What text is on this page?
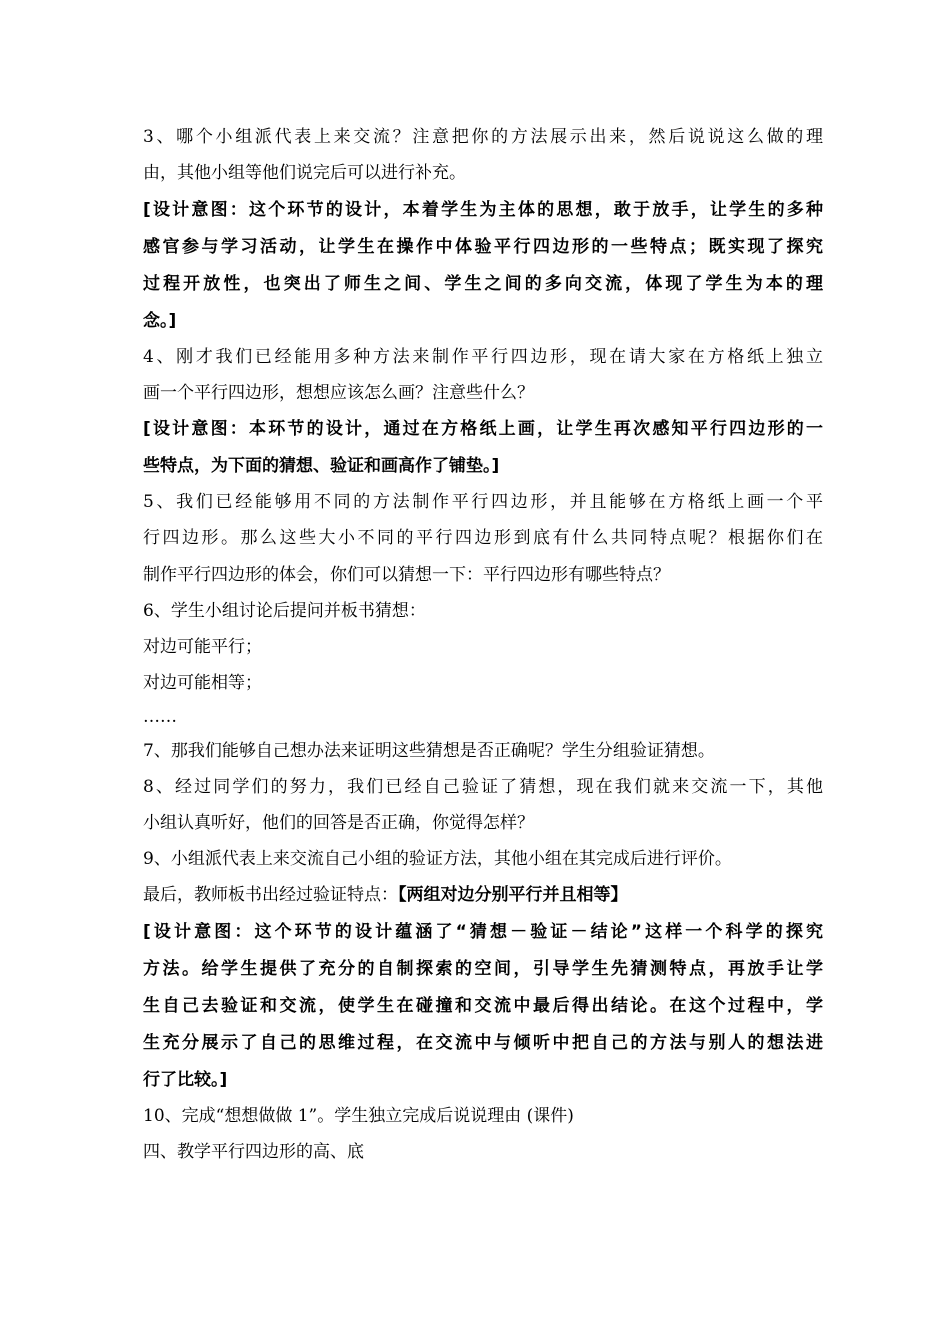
3、哪个小组派代表上来交流？注意把你的方法展示出来，然后说说这么做的理
由，其他小组等他们说完后可以进行补充。
[设计意图：这个环节的设计，本着学生为主体的思想，敢于放手，让学生的多种
感官参与学习活动，让学生在操作中体验平行四边形的一些特点；既实现了探究
过程开放性，也突出了师生之间、学生之间的多向交流，体现了学生为本的理
念。]
4、刚才我们已经能用多种方法来制作平行四边形，现在请大家在方格纸上独立
画一个平行四边形，想想应该怎么画？注意些什么？
[设计意图：本环节的设计，通过在方格纸上画，让学生再次感知平行四边形的一
些特点，为下面的猜想、验证和画高作了铺垫。]
5、我们已经能够用不同的方法制作平行四边形，并且能够在方格纸上画一个平
行四边形。那么这些大小不同的平行四边形到底有什么共同特点呢？根据你们在
制作平行四边形的体会，你们可以猜想一下：平行四边形有哪些特点？
6、学生小组讨论后提问并板书猜想：
对边可能平行；
对边可能相等；
……
7、那我们能够自己想办法来证明这些猜想是否正确呢？学生分组验证猜想。
8、经过同学们的努力，我们已经自己验证了猜想，现在我们就来交流一下，其他
小组认真听好，他们的回答是否正确，你觉得怎样？
9、小组派代表上来交流自己小组的验证方法，其他小组在其完成后进行评价。
最后，教师板书出经过验证特点：【两组对边分别平行并且相等】
[设计意图：这个环节的设计蕴涵了“猜想－验证－结论”这样一个科学的探究
方法。给学生提供了充分的自制探索的空间，引导学生先猜测特点，再放手让学
生自己去验证和交流，使学生在碰撞和交流中最后得出结论。在这个过程中，学
生充分展示了自己的思维过程，在交流中与倾听中把自己的方法与别人的想法进
行了比较。]
10、完成“想想做做 1”。学生独立完成后说说理由 (课件)
四、教学平行四边形的高、底
